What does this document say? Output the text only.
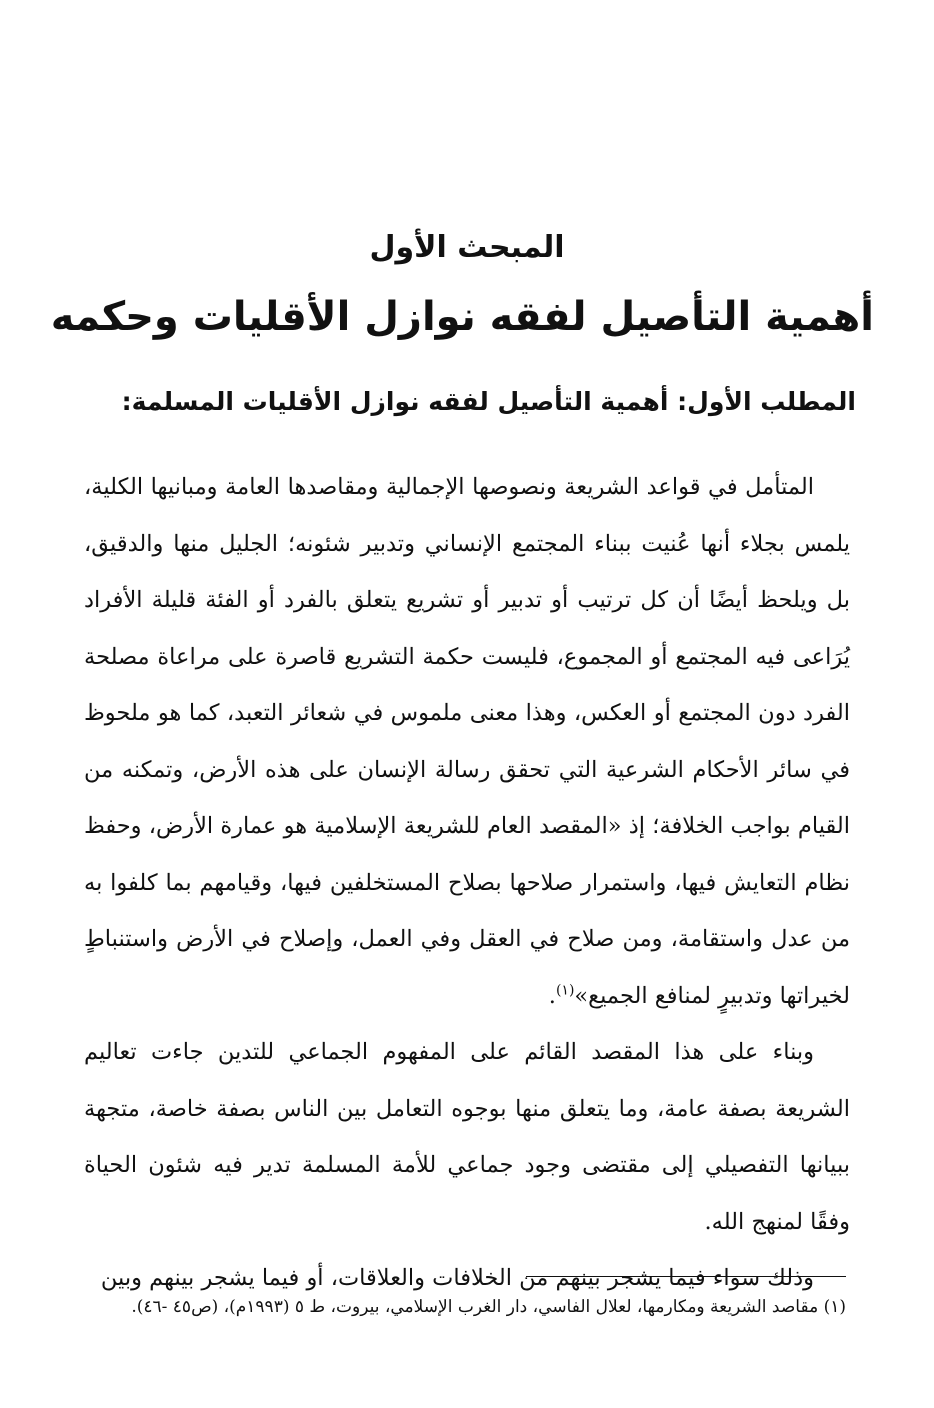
المبحث الأول
أهمية التأصيل لفقه نوازل الأقليات وحكمه
المطلب الأول: أهمية التأصيل لفقه نوازل الأقليات المسلمة:

المتأمل في قواعد الشريعة ونصوصها الإجمالية ومقاصدها العامة ومبانيها الكلية، يلمس بجلاء أنها عُنيت ببناء المجتمع الإنساني وتدبير شئونه؛ الجليل منها والدقيق، بل ويلحظ أيضًا أن كل ترتيب أو تدبير أو تشريع يتعلق بالفرد أو الفئة قليلة الأفراد يُرَاعى فيه المجتمع أو المجموع، فليست حكمة التشريع قاصرة على مراعاة مصلحة الفرد دون المجتمع أو العكس، وهذا معنى ملموس في شعائر التعبد، كما هو ملحوظ في سائر الأحكام الشرعية التي تحقق رسالة الإنسان على هذه الأرض، وتمكنه من القيام بواجب الخلافة؛ إذ «المقصد العام للشريعة الإسلامية هو عمارة الأرض، وحفظ نظام التعايش فيها، واستمرار صلاحها بصلاح المستخلفين فيها، وقيامهم بما كلفوا به من عدل واستقامة، ومن صلاح في العقل وفي العمل، وإصلاح في الأرض واستنباطٍ لخيراتها وتدبيرٍ لمنافع الجميع»$^{(١)}$.

وبناء على هذا المقصد القائم على المفهوم الجماعي للتدين جاءت تعاليم الشريعة بصفة عامة، وما يتعلق منها بوجوه التعامل بين الناس بصفة خاصة، متجهة ببيانها التفصيلي إلى مقتضى وجود جماعي للأمة المسلمة تدير فيه شئون الحياة وفقًا لمنهج الله.

وذلك سواء فيما يشجر بينهم من الخلافات والعلاقات، أو فيما يشجر بينهم وبين

(١) مقاصد الشريعة ومكارمها، لعلال الفاسي، دار الغرب الإسلامي، بيروت، ط ٥ (١٩٩٣م)، (ص٤٥ -٤٦).
